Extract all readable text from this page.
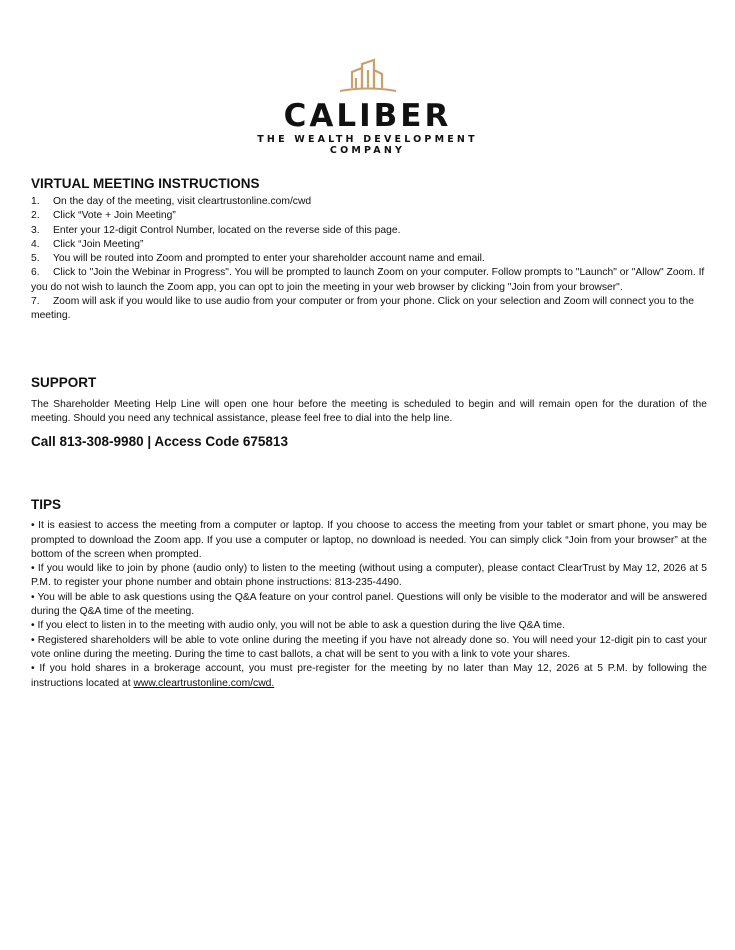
CALIBER
THE WEALTH DEVELOPMENT
COMPANY
VIRTUAL MEETING INSTRUCTIONS
1. On the day of the meeting, visit cleartrustonline.com/cwd
2. Click “Vote + Join Meeting”
3. Enter your 12-digit Control Number, located on the reverse side of this page.
4. Click “Join Meeting”
5. You will be routed into Zoom and prompted to enter your shareholder account name and email.
6. Click to "Join the Webinar in Progress". You will be prompted to launch Zoom on your computer. Follow prompts to "Launch" or "Allow" Zoom. If you do not wish to launch the Zoom app, you can opt to join the meeting in your web browser by clicking "Join from your browser".
7. Zoom will ask if you would like to use audio from your computer or from your phone. Click on your selection and Zoom will connect you to the meeting.
SUPPORT

The Shareholder Meeting Help Line will open one hour before the meeting is scheduled to begin and will remain open for the duration of the meeting. Should you need any technical assistance, please feel free to dial into the help line.

Call 813-308-9980 | Access Code 675813
TIPS

• It is easiest to access the meeting from a computer or laptop. If you choose to access the meeting from your tablet or smart phone, you may be prompted to download the Zoom app. If you use a computer or laptop, no download is needed. You can simply click “Join from your browser” at the bottom of the screen when prompted.

• If you would like to join by phone (audio only) to listen to the meeting (without using a computer), please contact ClearTrust by May 12, 2026 at 5 P.M. to register your phone number and obtain phone instructions: 813-235-4490.

• You will be able to ask questions using the Q&A feature on your control panel. Questions will only be visible to the moderator and will be answered during the Q&A time of the meeting.

• If you elect to listen in to the meeting with audio only, you will not be able to ask a question during the live Q&A time.

• Registered shareholders will be able to vote online during the meeting if you have not already done so. You will need your 12-digit pin to cast your vote online during the meeting. During the time to cast ballots, a chat will be sent to you with a link to vote your shares.

• If you hold shares in a brokerage account, you must pre-register for the meeting by no later than May 12, 2026 at 5 P.M. by following the instructions located at www.cleartrustonline.com/cwd.
